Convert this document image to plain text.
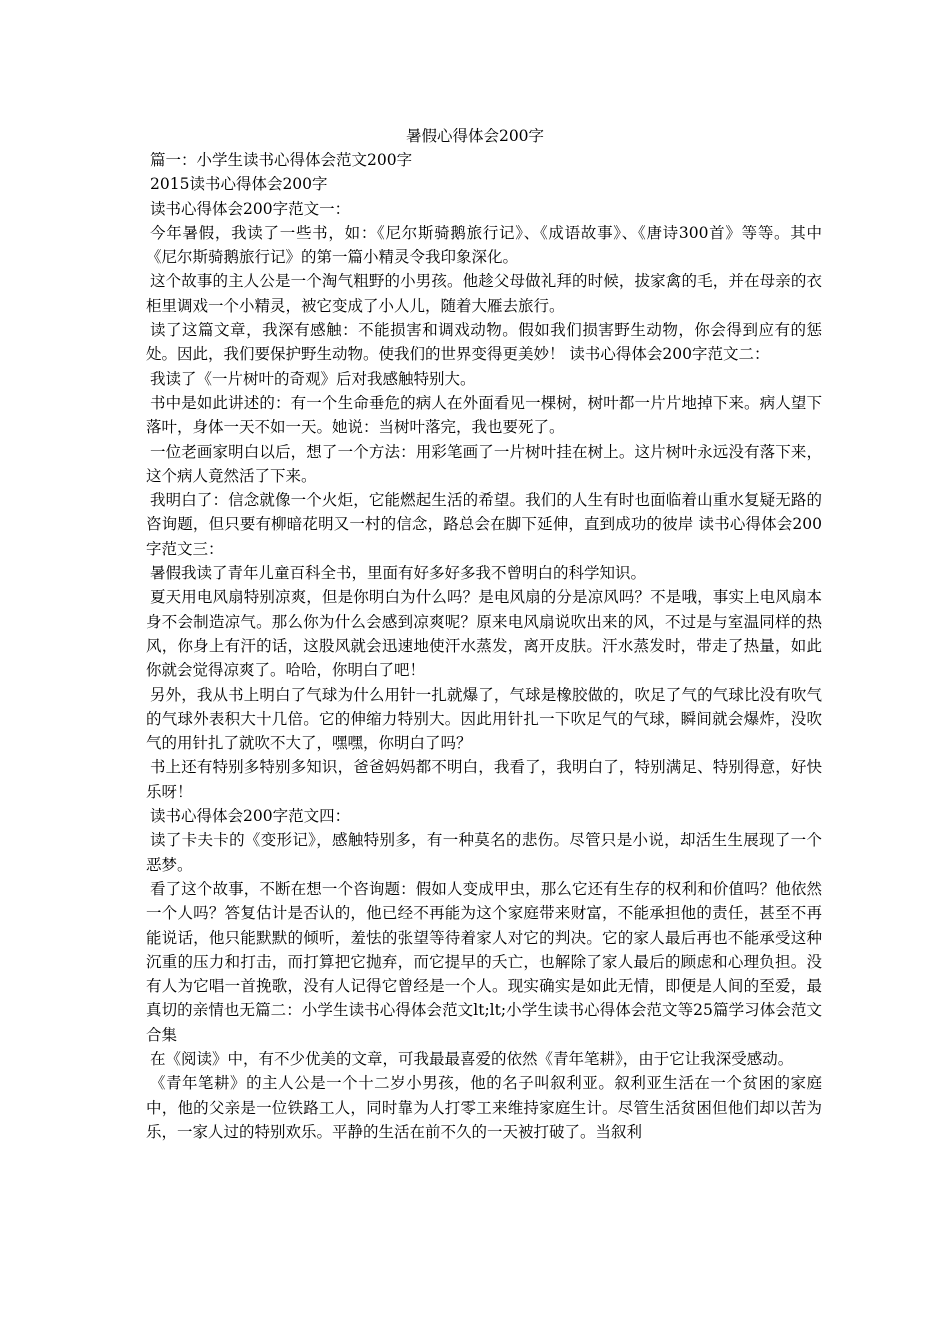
暑假心得体会200字

篇一：小学生读书心得体会范文200字

2015读书心得体会200字

读书心得体会200字范文一：

今年暑假，我读了一些书，如：《尼尔斯骑鹅旅行记》、《成语故事》、《唐诗300首》等等。其中《尼尔斯骑鹅旅行记》的第一篇小精灵令我印象深化。

这个故事的主人公是一个淘气粗野的小男孩。他趁父母做礼拜的时候，拔家禽的毛，并在母亲的衣柜里调戏一个小精灵，被它变成了小人儿，随着大雁去旅行。

读了这篇文章，我深有感触：不能损害和调戏动物。假如我们损害野生动物，你会得到应有的惩处。因此，我们要保护野生动物。使我们的世界变得更美妙！ 读书心得体会200字范文二：

我读了《一片树叶的奇观》后对我感触特别大。

书中是如此讲述的：有一个生命垂危的病人在外面看见一棵树，树叶都一片片地掉下来。病人望下落叶，身体一天不如一天。她说：当树叶落完，我也要死了。

一位老画家明白以后，想了一个方法：用彩笔画了一片树叶挂在树上。这片树叶永远没有落下来，这个病人竟然活了下来。

我明白了：信念就像一个火炬，它能燃起生活的希望。我们的人生有时也面临着山重水复疑无路的咨询题，但只要有柳暗花明又一村的信念，路总会在脚下延伸，直到成功的彼岸 读书心得体会200字范文三：

暑假我读了青年儿童百科全书，里面有好多好多我不曾明白的科学知识。

夏天用电风扇特别凉爽，但是你明白为什么吗？是电风扇的分是凉风吗？不是哦，事实上电风扇本身不会制造凉气。那么你为什么会感到凉爽呢？原来电风扇说吹出来的风，不过是与室温同样的热风，你身上有汗的话，这股风就会迅速地使汗水蒸发，离开皮肤。汗水蒸发时，带走了热量，如此你就会觉得凉爽了。哈哈，你明白了吧！

另外，我从书上明白了气球为什么用针一扎就爆了，气球是橡胶做的，吹足了气的气球比没有吹气的气球外表积大十几倍。它的伸缩力特别大。因此用针扎一下吹足气的气球，瞬间就会爆炸，没吹气的用针扎了就吹不大了，嘿嘿，你明白了吗？

书上还有特别多特别多知识，爸爸妈妈都不明白，我看了，我明白了，特别满足、特别得意，好快乐呀！

读书心得体会200字范文四：

读了卡夫卡的《变形记》，感触特别多，有一种莫名的悲伤。尽管只是小说，却活生生展现了一个恶梦。

看了这个故事，不断在想一个咨询题：假如人变成甲虫，那么它还有生存的权利和价值吗？他依然一个人吗？答复估计是否认的，他已经不再能为这个家庭带来财富，不能承担他的责任，甚至不再能说话，他只能默默的倾听，羞怯的张望等待着家人对它的判决。它的家人最后再也不能承受这种沉重的压力和打击，而打算把它抛弃，而它提早的夭亡，也解除了家人最后的顾虑和心理负担。没有人为它唱一首挽歌，没有人记得它曾经是一个人。现实确实是如此无情，即便是人间的至爱，最真切的亲情也无篇二：小学生读书心得体会范文lt;lt;小学生读书心得体会范文等25篇学习体会范文合集

在《阅读》中，有不少优美的文章，可我最最喜爱的依然《青年笔耕》，由于它让我深受感动。

《青年笔耕》的主人公是一个十二岁小男孩，他的名子叫叙利亚。叙利亚生活在一个贫困的家庭中，他的父亲是一位铁路工人，同时靠为人打零工来维持家庭生计。尽管生活贫困但他们却以苦为乐，一家人过的特别欢乐。平静的生活在前不久的一天被打破了。当叙利
